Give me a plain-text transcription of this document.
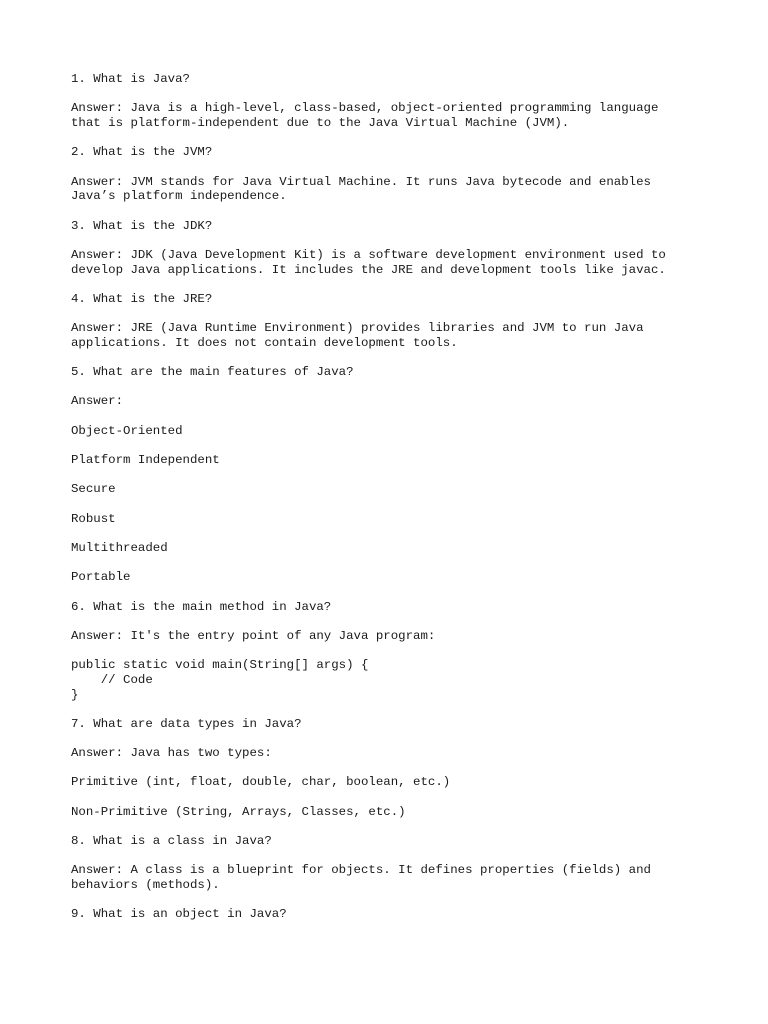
1. What is Java?

Answer: Java is a high-level, class-based, object-oriented programming language
that is platform-independent due to the Java Virtual Machine (JVM).

2. What is the JVM?

Answer: JVM stands for Java Virtual Machine. It runs Java bytecode and enables
Java’s platform independence.

3. What is the JDK?

Answer: JDK (Java Development Kit) is a software development environment used to
develop Java applications. It includes the JRE and development tools like javac.

4. What is the JRE?

Answer: JRE (Java Runtime Environment) provides libraries and JVM to run Java
applications. It does not contain development tools.

5. What are the main features of Java?

Answer:

Object-Oriented

Platform Independent

Secure

Robust

Multithreaded

Portable

6. What is the main method in Java?

Answer: It's the entry point of any Java program:

public static void main(String[] args) {
// Code
}

7. What are data types in Java?

Answer: Java has two types:

Primitive (int, float, double, char, boolean, etc.)

Non-Primitive (String, Arrays, Classes, etc.)

8. What is a class in Java?

Answer: A class is a blueprint for objects. It defines properties (fields) and
behaviors (methods).

9. What is an object in Java?
